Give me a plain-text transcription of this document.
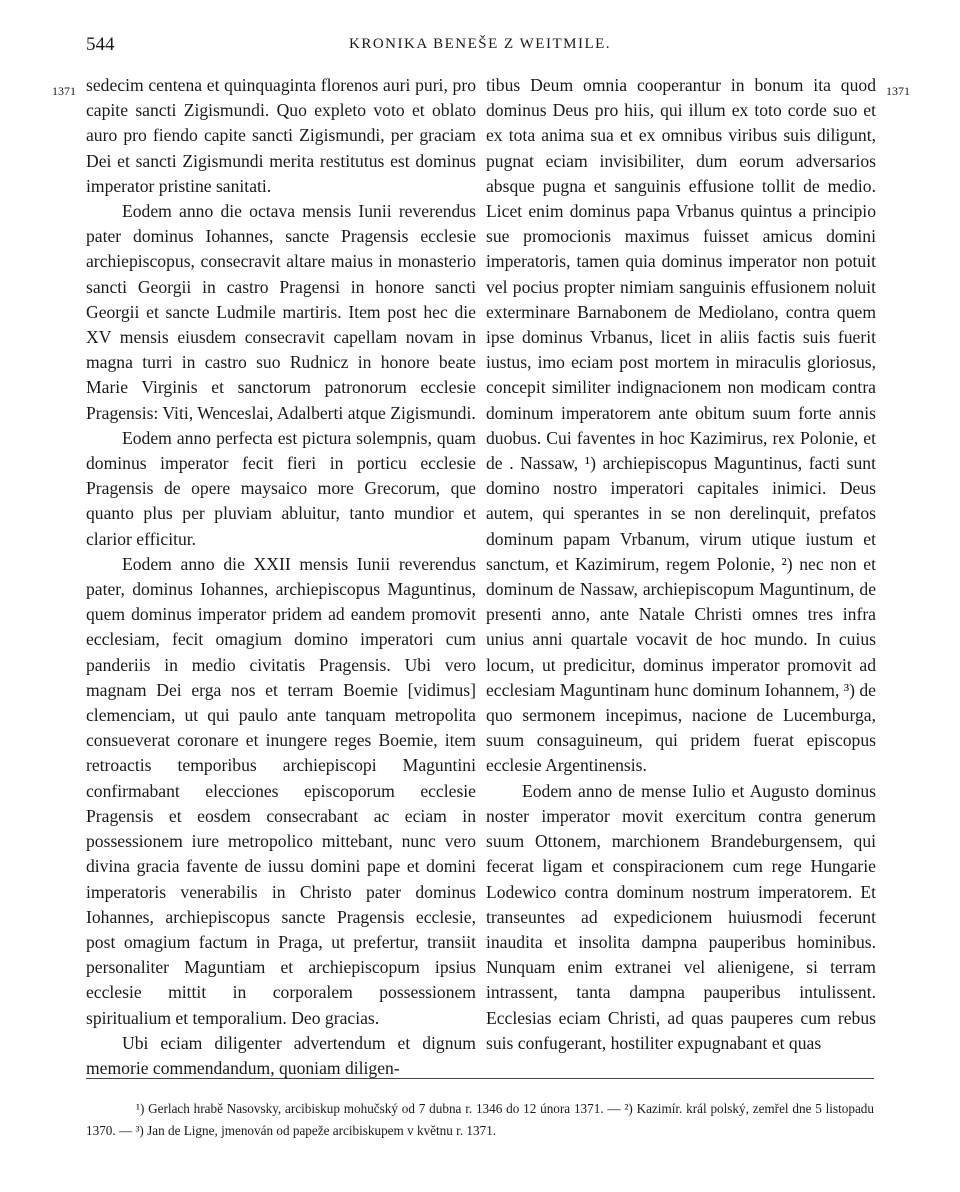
544	KRONIKA BENEŠE Z WEITMILE.
1371	1371

sedecim centena et quinquaginta florenos auri puri, pro capite sancti Zigismundi. Quo expleto voto et oblato auro pro fiendo capite sancti Zigismundi, per graciam Dei et sancti Zigismundi merita restitutus est dominus imperator pristine sanitati.

Eodem anno die octava mensis Iunii reverendus pater dominus Iohannes, sancte Pragensis ecclesie archiepiscopus, consecravit altare maius in monasterio sancti Georgii in castro Pragensi in honore sancti Georgii et sancte Ludmile martiris. Item post hec die XV mensis eiusdem consecravit capellam novam in magna turri in castro suo Rudnicz in honore beate Marie Virginis et sanctorum patronorum ecclesie Pragensis: Viti, Wenceslai, Adalberti atque Zigismundi.

Eodem anno perfecta est pictura solempnis, quam dominus imperator fecit fieri in porticu ecclesie Pragensis de opere maysaico more Grecorum, que quanto plus per pluviam abluitur, tanto mundior et clarior efficitur.

Eodem anno die XXII mensis Iunii reverendus pater, dominus Iohannes, archiepiscopus Maguntinus, quem dominus imperator pridem ad eandem promovit ecclesiam, fecit omagium domino imperatori cum panderiis in medio civitatis Pragensis. Ubi vero magnam Dei erga nos et terram Boemie [vidimus] clemenciam, ut qui paulo ante tanquam metropolita consueverat coronare et inungere reges Boemie, item retroactis temporibus archiepiscopi Maguntini confirmabant elecciones episcoporum ecclesie Pragensis et eosdem consecrabant ac eciam in possessionem iure metropolico mittebant, nunc vero divina gracia favente de iussu domini pape et domini imperatoris venerabilis in Christo pater dominus Iohannes, archiepiscopus sancte Pragensis ecclesie, post omagium factum in Praga, ut prefertur, transiit personaliter Maguntiam et archiepiscopum ipsius ecclesie mittit in corporalem possessionem spiritualium et temporalium. Deo gracias.

Ubi eciam diligenter advertendum et dignum memorie commendandum, quoniam diligen-

tibus Deum omnia cooperantur in bonum ita quod dominus Deus pro hiis, qui illum ex toto corde suo et ex tota anima sua et ex omnibus viribus suis diligunt, pugnat eciam invisibiliter, dum eorum adversarios absque pugna et sanguinis effusione tollit de medio. Licet enim dominus papa Vrbanus quintus a principio sue promocionis maximus fuisset amicus domini imperatoris, tamen quia dominus imperator non potuit vel pocius propter nimiam sanguinis effusionem noluit exterminare Barnabonem de Mediolano, contra quem ipse dominus Vrbanus, licet in aliis factis suis fuerit iustus, imo eciam post mortem in miraculis gloriosus, concepit similiter indignacionem non modicam contra dominum imperatorem ante obitum suum forte annis duobus. Cui faventes in hoc Kazimirus, rex Polonie, et de . Nassaw, ¹) archiepiscopus Maguntinus, facti sunt domino nostro imperatori capitales inimici. Deus autem, qui sperantes in se non derelinquit, prefatos dominum papam Vrbanum, virum utique iustum et sanctum, et Kazimirum, regem Polonie, ²) nec non et dominum de Nassaw, archiepiscopum Maguntinum, de presenti anno, ante Natale Christi omnes tres infra unius anni quartale vocavit de hoc mundo. In cuius locum, ut predicitur, dominus imperator promovit ad ecclesiam Maguntinam hunc dominum Iohannem, ³) de quo sermonem incepimus, nacione de Lucemburga, suum consaguineum, qui pridem fuerat episcopus ecclesie Argentinensis.

Eodem anno de mense Iulio et Augusto dominus noster imperator movit exercitum contra generum suum Ottonem, marchionem Brandeburgensem, qui fecerat ligam et conspiracionem cum rege Hungarie Lodewico contra dominum nostrum imperatorem. Et transeuntes ad expedicionem huiusmodi fecerunt inaudita et insolita dampna pauperibus hominibus. Nunquam enim extranei vel alienigene, si terram intrassent, tanta dampna pauperibus intulissent. Ecclesias eciam Christi, ad quas pauperes cum rebus suis confugerant, hostiliter expugnabant et quas

¹) Gerlach hrabě Nasovsky, arcibiskup mohučský od 7 dubna r. 1346 do 12 února 1371. — ²) Kazimír. král polský, zemřel dne 5 listopadu 1370. — ³) Jan de Ligne, jmenován od papeže arcibiskupem v květnu r. 1371.
